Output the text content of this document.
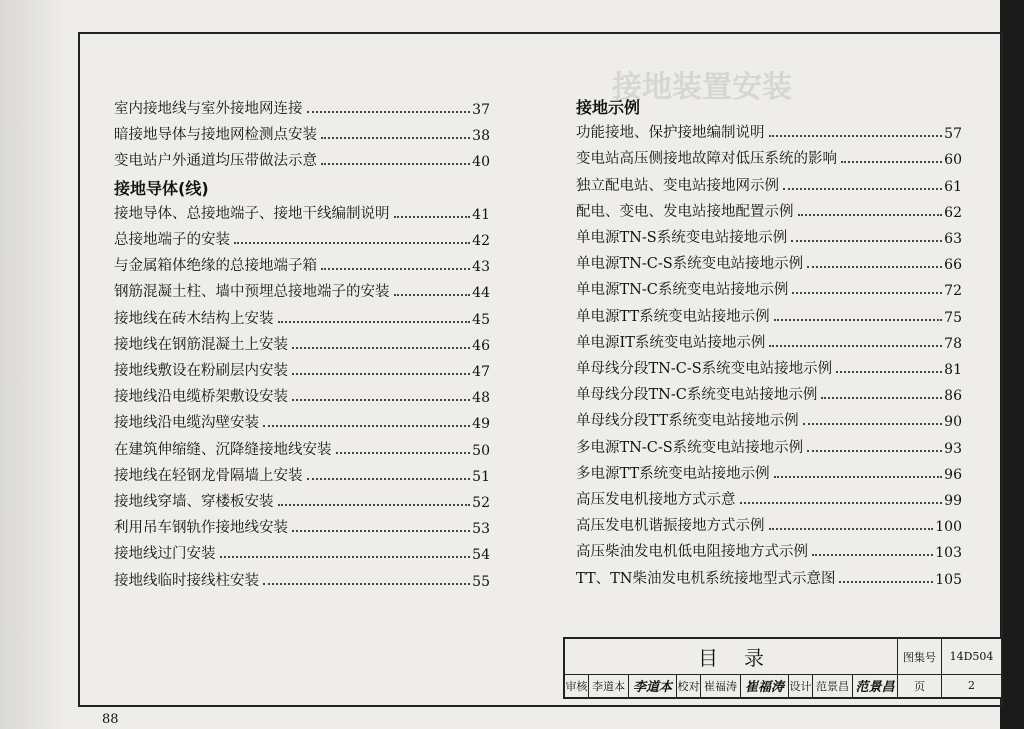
接地装置安装
室内接地线与室外接地网连接	37
暗接地导体与接地网检测点安装	38
变电站户外通道均压带做法示意	40
接地导体(线)
接地导体、总接地端子、接地干线编制说明	41
总接地端子的安装	42
与金属箱体绝缘的总接地端子箱	43
钢筋混凝土柱、墙中预埋总接地端子的安装	44
接地线在砖木结构上安装	45
接地线在钢筋混凝土上安装	46
接地线敷设在粉刷层内安装	47
接地线沿电缆桥架敷设安装	48
接地线沿电缆沟壁安装	49
在建筑伸缩缝、沉降缝接地线安装	50
接地线在轻钢龙骨隔墙上安装	51
接地线穿墙、穿楼板安装	52
利用吊车钢轨作接地线安装	53
接地线过门安装	54
接地线临时接线柱安装	55
接地示例
功能接地、保护接地编制说明	57
变电站高压侧接地故障对低压系统的影响	60
独立配电站、变电站接地网示例	61
配电、变电、发电站接地配置示例	62
单电源TN-S系统变电站接地示例	63
单电源TN-C-S系统变电站接地示例	66
单电源TN-C系统变电站接地示例	72
单电源TT系统变电站接地示例	75
单电源IT系统变电站接地示例	78
单母线分段TN-C-S系统变电站接地示例	81
单母线分段TN-C系统变电站接地示例	86
单母线分段TT系统变电站接地示例	90
多电源TN-C-S系统变电站接地示例	93
多电源TT系统变电站接地示例	96
高压发电机接地方式示意	99
高压发电机谐振接地方式示例	100
高压柴油发电机低电阻接地方式示例	103
TT、TN柴油发电机系统接地型式示意图	105
目录	图集号 14D504
审核 李道本 李道本 校对 崔福涛 崔福涛 设计 范景昌 范景昌 页	2
88
